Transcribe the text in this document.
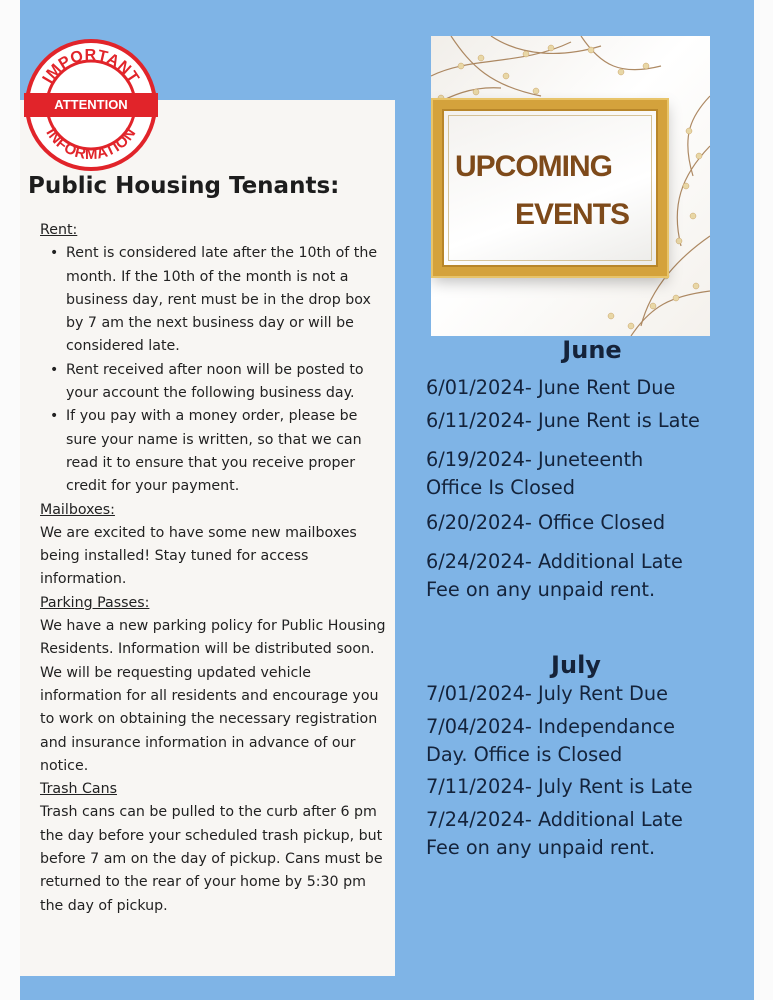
IMPORTANT
INFORMATION
ATTENTION
Public Housing Tenants:
Rent:
• Rent is considered late after the 10th of the month. If the 10th of the month is not a business day, rent must be in the drop box by 7 am the next business day or will be considered late.
• Rent received after noon will be posted to your account the following business day.
• If you pay with a money order, please be sure your name is written, so that we can read it to ensure that you receive proper credit for your payment.
Mailboxes:

We are excited to have some new mailboxes being installed! Stay tuned for access information.

Parking Passes:

We have a new parking policy for Public Housing Residents. Information will be distributed soon. We will be requesting updated vehicle information for all residents and encourage you to work on obtaining the necessary registration and insurance information in advance of our notice.

Trash Cans

Trash cans can be pulled to the curb after 6 pm the day before your scheduled trash pickup, but before 7 am on the day of pickup. Cans must be returned to the rear of your home by 5:30 pm the day of pickup.

UPCOMING
EVENTS
June
6/01/2024- June Rent Due
6/11/2024- June Rent is Late
6/19/2024- Juneteenth Office Is Closed
6/20/2024- Office Closed
6/24/2024- Additional Late Fee on any unpaid rent.
July
7/01/2024- July Rent Due
7/04/2024- Independance Day. Office is Closed
7/11/2024- July Rent is Late
7/24/2024- Additional Late Fee on any unpaid rent.
